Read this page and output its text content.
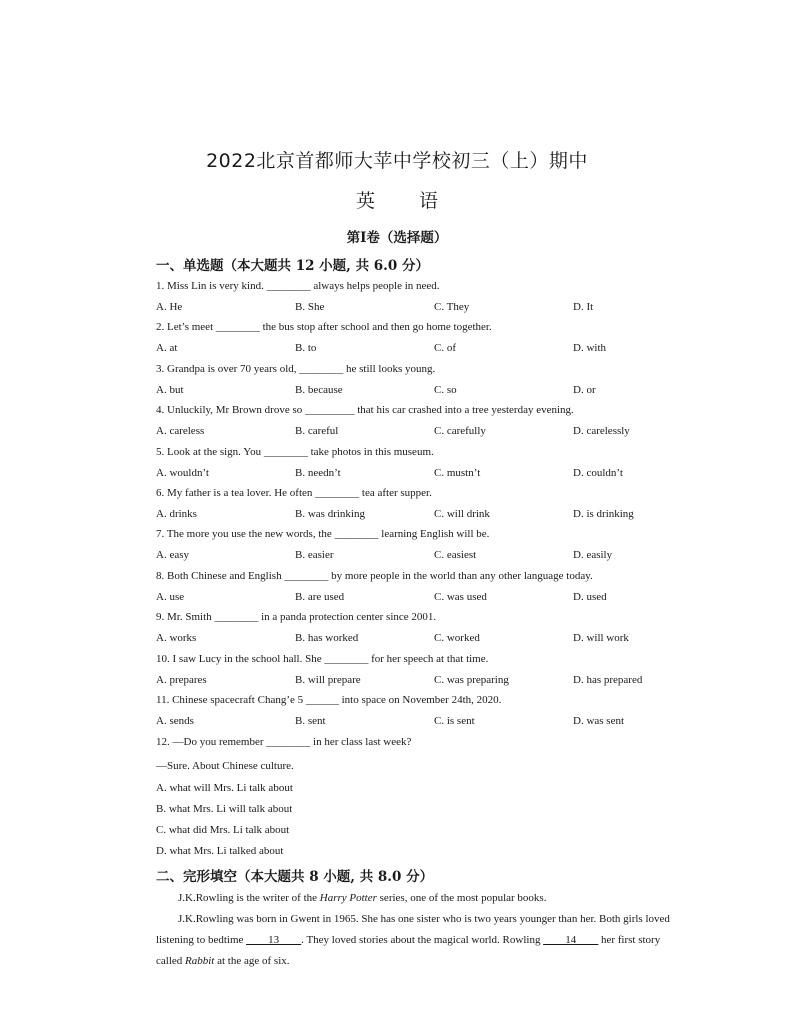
2022北京首都师大苹中学校初三（上）期中
英 语
第Ⅰ卷（选择题）
一、单选题（本大题共 12 小题, 共 6.0 分）
1. Miss Lin is very kind. ________ always helps people in need.
A. He	B. She	C. They	D. It
2. Let’s meet ________ the bus stop after school and then go home together.
A. at	B. to	C. of	D. with
3. Grandpa is over 70 years old, ________ he still looks young.
A. but	B. because	C. so	D. or
4. Unluckily, Mr Brown drove so _________ that his car crashed into a tree yesterday evening.
A. careless	B. careful	C. carefully	D. carelessly
5. Look at the sign. You ________ take photos in this museum.
A. wouldn’t	B. needn’t	C. mustn’t	D. couldn’t
6. My father is a tea lover. He often ________ tea after supper.
A. drinks	B. was drinking	C. will drink	D. is drinking
7. The more you use the new words, the ________ learning English will be.
A. easy	B. easier	C. easiest	D. easily
8. Both Chinese and English ________ by more people in the world than any other language today.
A. use	B. are used	C. was used	D. used
9. Mr. Smith ________ in a panda protection center since 2001.
A. works	B. has worked	C. worked	D. will work
10. I saw Lucy in the school hall. She ________ for her speech at that time.
A. prepares	B. will prepare	C. was preparing	D. has prepared
11. Chinese spacecraft Chang’e 5 ______ into space on November 24th, 2020.
A. sends	B. sent	C. is sent	D. was sent
12. —Do you remember ________ in her class last week?
—Sure. About Chinese culture.
A. what will Mrs. Li talk about
B. what Mrs. Li will talk about
C. what did Mrs. Li talk about
D. what Mrs. Li talked about
二、完形填空（本大题共 8 小题, 共 8.0 分）
J.K.Rowling is the writer of the Harry Potter series, one of the most popular books.
J.K.Rowling was born in Gwent in 1965. She has one sister who is two years younger than her. Both girls loved
listening to bedtime ____13____. They loved stories about the magical world. Rowling ____14____ her first story
called Rabbit at the age of six.
